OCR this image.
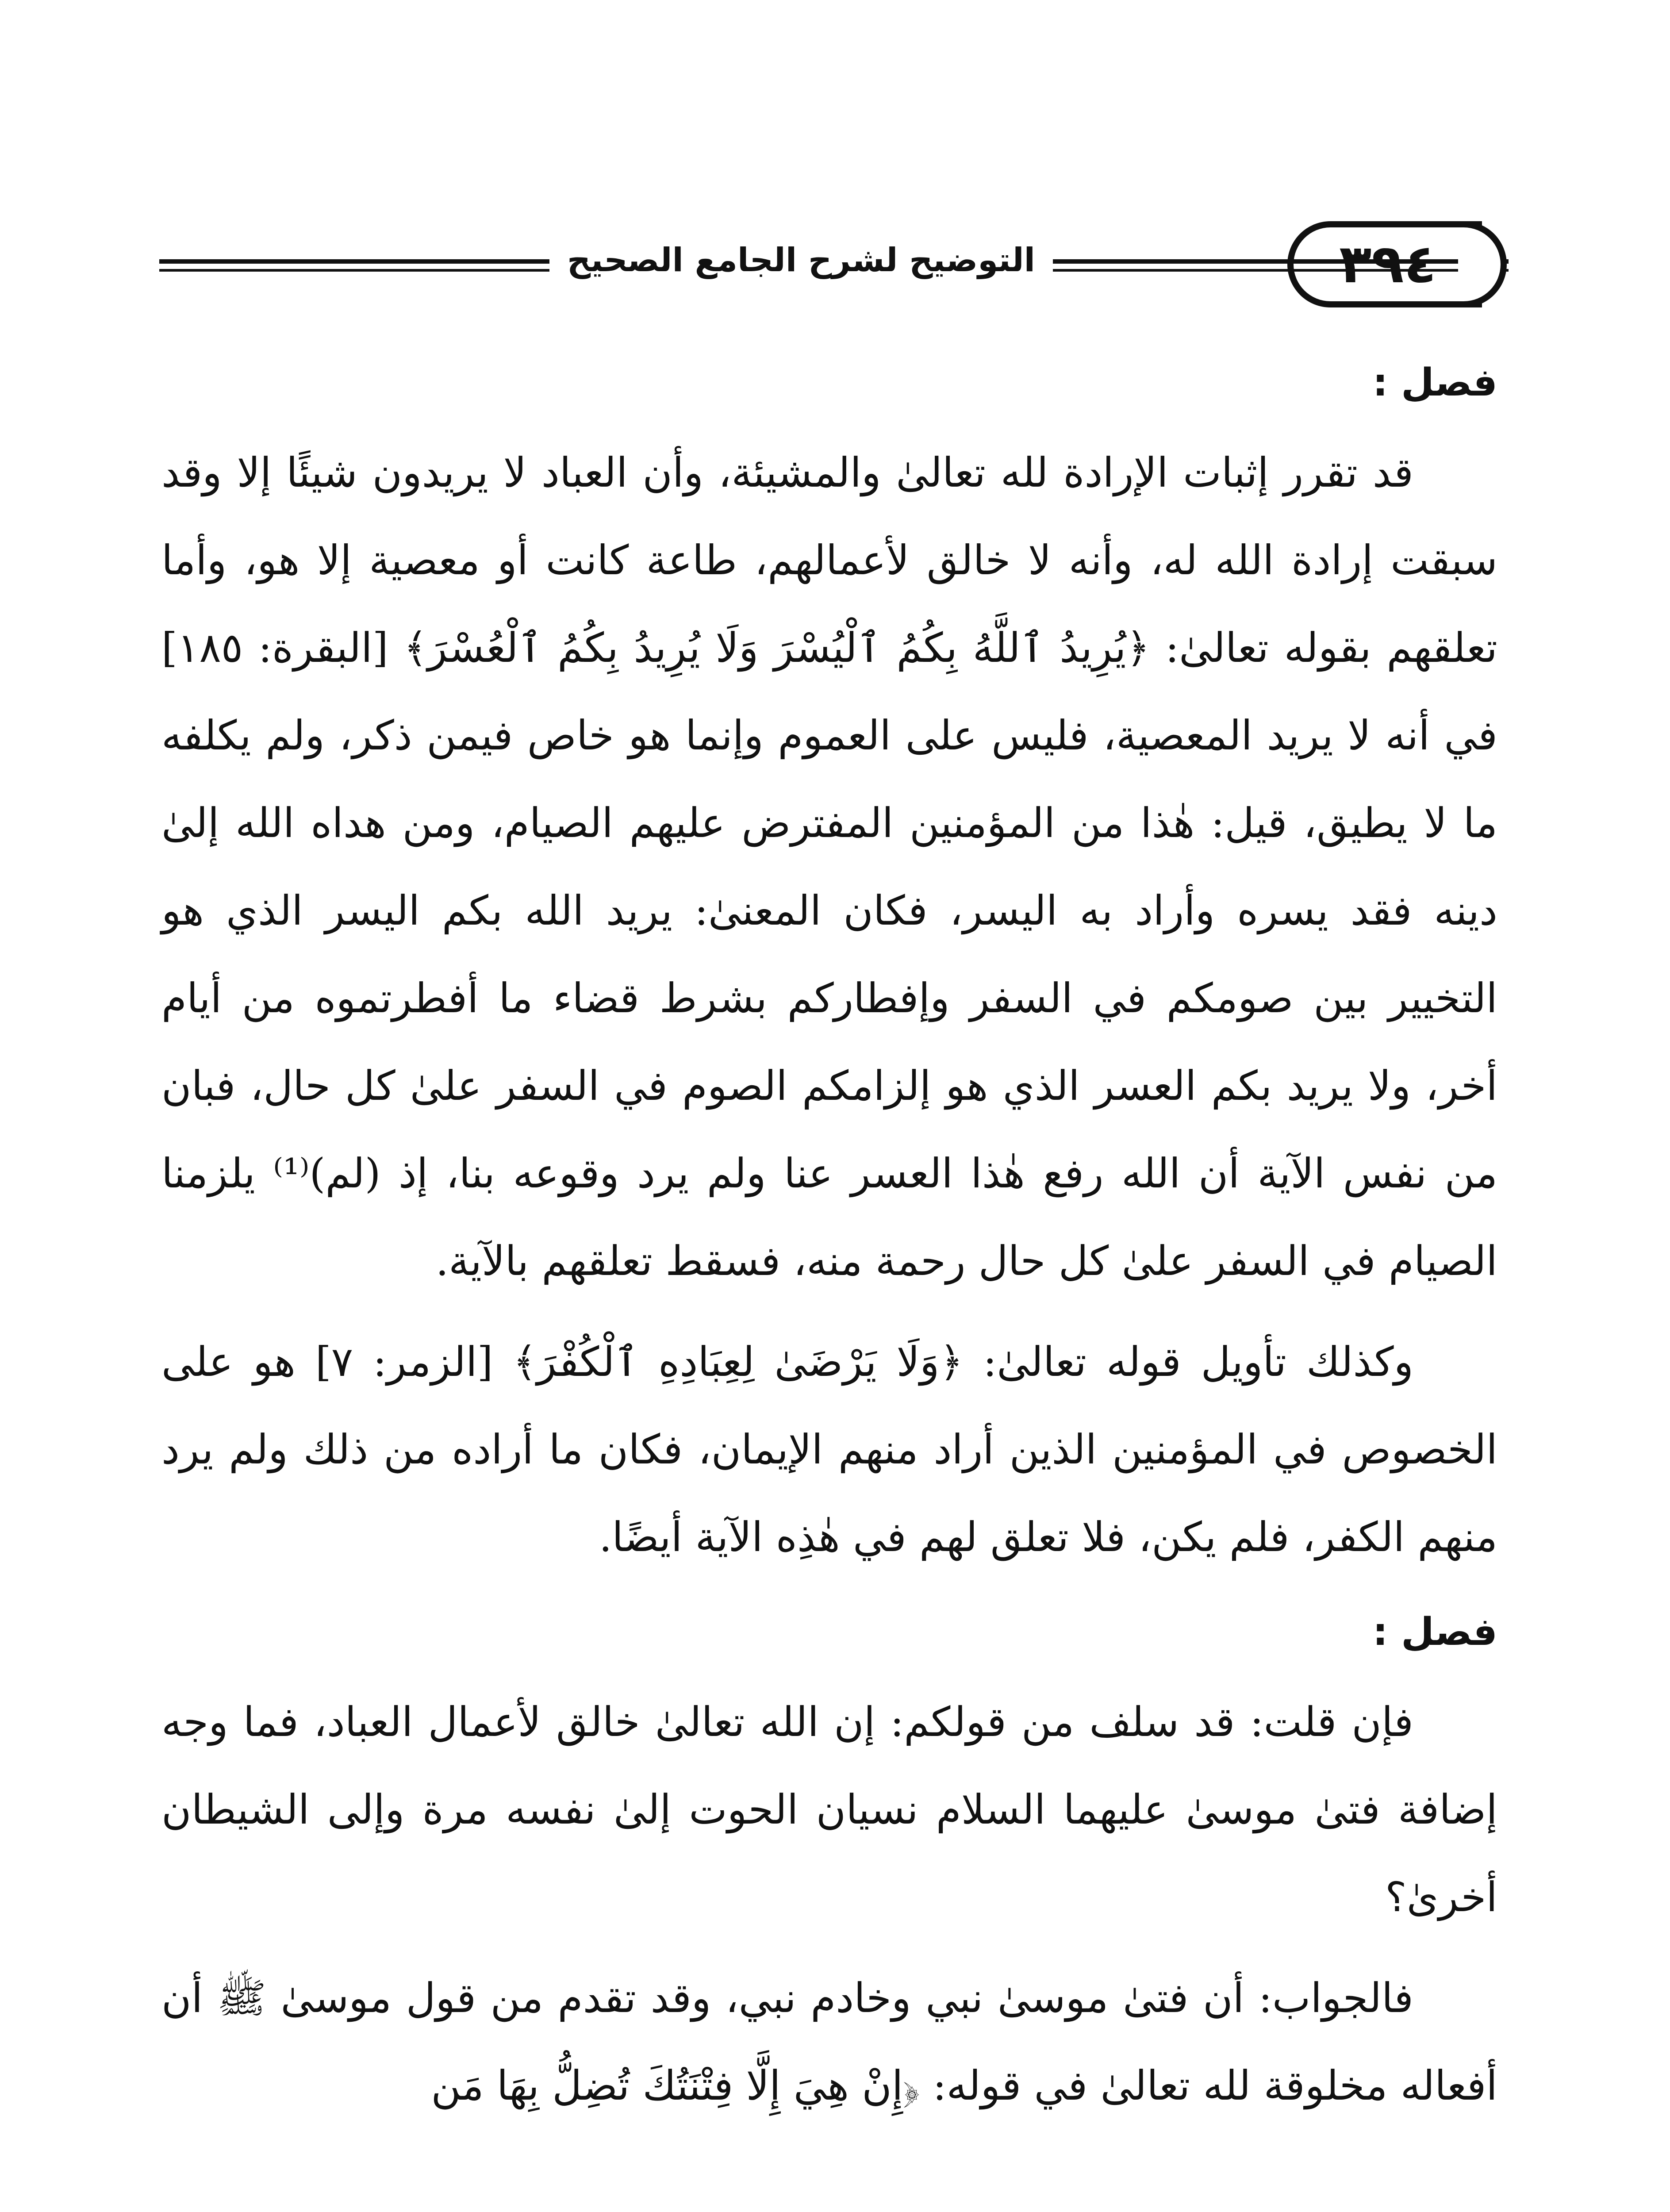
٣٩٤
التوضيح لشرح الجامع الصحيح
فصل :

قد تقرر إثبات الإرادة لله تعالىٰ والمشيئة، وأن العباد لا يريدون شيئًا إلا وقد سبقت إرادة الله له، وأنه لا خالق لأعمالهم، طاعة كانت أو معصية إلا هو، وأما تعلقهم بقوله تعالىٰ: ﴿يُرِيدُ ٱللَّهُ بِكُمُ ٱلْيُسْرَ وَلَا يُرِيدُ بِكُمُ ٱلْعُسْرَ﴾ [البقرة: ١٨٥] في أنه لا يريد المعصية، فليس على العموم وإنما هو خاص فيمن ذكر، ولم يكلفه ما لا يطيق، قيل: هٰذا من المؤمنين المفترض عليهم الصيام، ومن هداه الله إلىٰ دينه فقد يسره وأراد به اليسر، فكان المعنىٰ: يريد الله بكم اليسر الذي هو التخيير بين صومكم في السفر وإفطاركم بشرط قضاء ما أفطرتموه من أيام أخر، ولا يريد بكم العسر الذي هو إلزامكم الصوم في السفر علىٰ كل حال، فبان من نفس الآية أن الله رفع هٰذا العسر عنا ولم يرد وقوعه بنا، إذ (لم)⁽¹⁾ يلزمنا الصيام في السفر علىٰ كل حال رحمة منه، فسقط تعلقهم بالآية.

وكذلك تأويل قوله تعالىٰ: ﴿وَلَا يَرْضَىٰ لِعِبَادِهِ ٱلْكُفْرَ﴾ [الزمر: ٧] هو على الخصوص في المؤمنين الذين أراد منهم الإيمان، فكان ما أراده من ذلك ولم يرد منهم الكفر، فلم يكن، فلا تعلق لهم في هٰذِه الآية أيضًا.

فصل :

فإن قلت: قد سلف من قولكم: إن الله تعالىٰ خالق لأعمال العباد، فما وجه إضافة فتىٰ موسىٰ عليهما السلام نسيان الحوت إلىٰ نفسه مرة وإلى الشيطان أخرىٰ؟

فالجواب: أن فتىٰ موسىٰ نبي وخادم نبي، وقد تقدم من قول موسىٰ ﷺ أن أفعاله مخلوقة لله تعالىٰ في قوله: ﴿إِنْ هِيَ إِلَّا فِتْنَتُكَ تُضِلُّ بِهَا مَن
